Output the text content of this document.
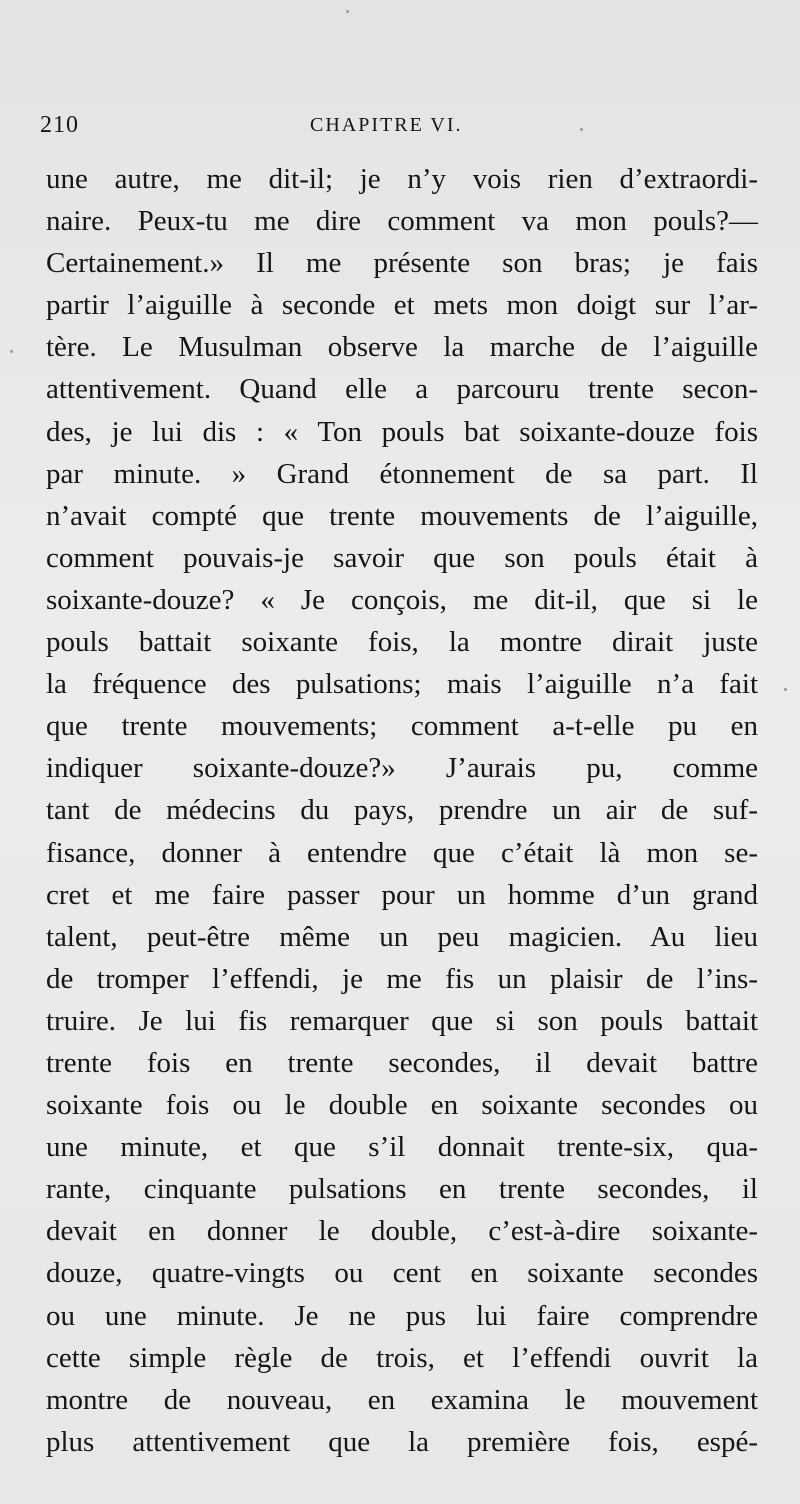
210	CHAPITRE VI.
une autre, me dit-il; je n’y vois rien d’extraordi-
naire. Peux-tu me dire comment va mon pouls?—
Certainement.» Il me présente son bras; je fais
partir l’aiguille à seconde et mets mon doigt sur l’ar-
tère. Le Musulman observe la marche de l’aiguille
attentivement. Quand elle a parcouru trente secon-
des, je lui dis : « Ton pouls bat soixante-douze fois
par minute. » Grand étonnement de sa part. Il
n’avait compté que trente mouvements de l’aiguille,
comment pouvais-je savoir que son pouls était à
soixante-douze? « Je conçois, me dit-il, que si le
pouls battait soixante fois, la montre dirait juste
la fréquence des pulsations; mais l’aiguille n’a fait
que trente mouvements; comment a-t-elle pu en
indiquer soixante-douze?» J’aurais pu, comme
tant de médecins du pays, prendre un air de suf-
fisance, donner à entendre que c’était là mon se-
cret et me faire passer pour un homme d’un grand
talent, peut-être même un peu magicien. Au lieu
de tromper l’effendi, je me fis un plaisir de l’ins-
truire. Je lui fis remarquer que si son pouls battait
trente fois en trente secondes, il devait battre
soixante fois ou le double en soixante secondes ou
une minute, et que s’il donnait trente-six, qua-
rante, cinquante pulsations en trente secondes, il
devait en donner le double, c’est-à-dire soixante-
douze, quatre-vingts ou cent en soixante secondes
ou une minute. Je ne pus lui faire comprendre
cette simple règle de trois, et l’effendi ouvrit la
montre de nouveau, en examina le mouvement
plus attentivement que la première fois, espé-
